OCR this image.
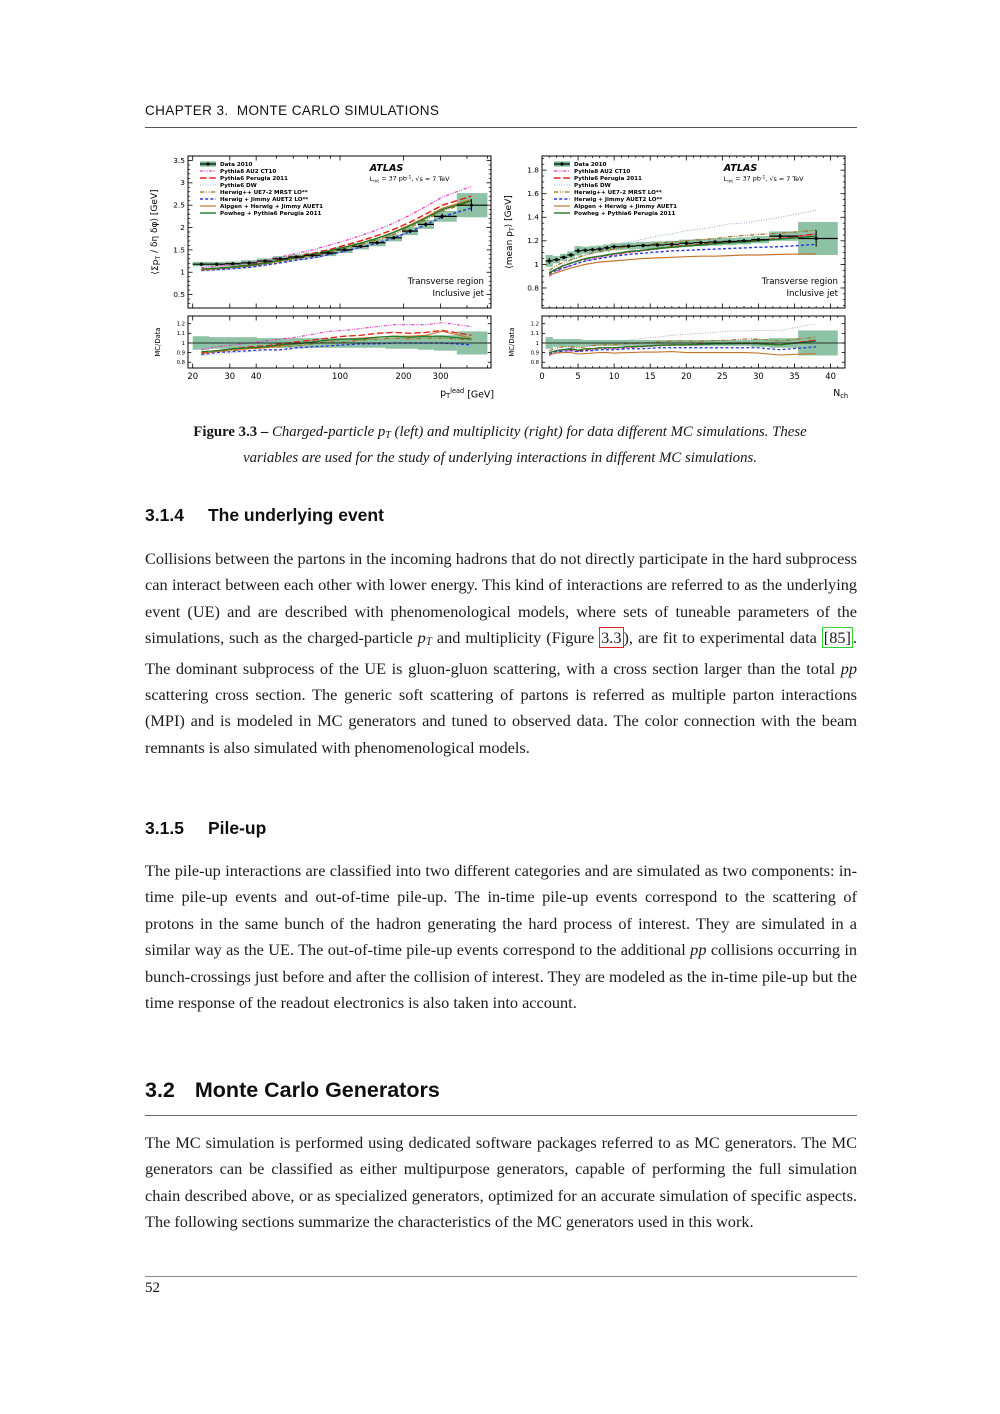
CHAPTER 3.  MONTE CARLO SIMULATIONS
0.5
1
1.5
2
2.5
3
3.5
0.8
0.9
1
1.1
1.2
20	30 40	100	200	300
$⟨\Sigma p_T$ / δη δφ⟩ [GeV]
MC/Data
$p_T^{lead}$ [GeV]
Data 2010
Pythia8 AU2 CT10
Pythia6 Perugia 2011
Pythia6 DW
Herwig++ UE7-2 MRST LO**
Herwig + Jimmy AUET2 LO**
Alpgen + Herwig + Jimmy AUET1
Powheg + Pythia6 Perugia 2011
ATLAS
$L_{int} = 37$ $pb^{-1}$, √s = 7 TeV
Transverse region
Inclusive jet
0.8
1
1.2
1.4
1.6
1.8
0.8
0.9
1
1.1
1.2
0	5	10	15	20	25	30	35	40
⟨mean $p_T⟩$ [GeV]
MC/Data
$N_{ch}$
Data 2010
Pythia8 AU2 CT10
Pythia6 Perugia 2011
Pythia6 DW
Herwig++ UE7-2 MRST LO**
Herwig + Jimmy AUET2 LO**
Alpgen + Herwig + Jimmy AUET1
Powheg + Pythia6 Perugia 2011
ATLAS
$L_{int} = 37$ $pb^{-1}$, √s = 7 TeV
Transverse region
Inclusive jet
Figure 3.3 – Charged-particle pT (left) and multiplicity (right) for data different MC simulations. These variables are used for the study of underlying interactions in different MC simulations.
3.1.4 The underlying event

Collisions between the partons in the incoming hadrons that do not directly participate in the hard subprocess can interact between each other with lower energy. This kind of interactions are referred to as the underlying event (UE) and are described with phenomenological models, where sets of tuneable parameters of the simulations, such as the charged-particle pT and multiplicity (Figure 3.3 ), are fit to experimental data [85] . The dominant subprocess of the UE is gluon-gluon scattering, with a cross section larger than the total pp scattering cross section. The generic soft scattering of partons is referred as multiple parton interactions (MPI) and is modeled in MC generators and tuned to observed data. The color connection with the beam remnants is also simulated with phenomenological models.

3.1.5 Pile-up

The pile-up interactions are classified into two different categories and are simulated as two components: in-time pile-up events and out-of-time pile-up. The in-time pile-up events correspond to the scattering of protons in the same bunch of the hadron generating the hard process of interest. They are simulated in a similar way as the UE. The out-of-time pile-up events correspond to the additional pp collisions occurring in bunch-crossings just before and after the collision of interest. They are modeled as the in-time pile-up but the time response of the readout electronics is also taken into account.

3.2 Monte Carlo Generators

The MC simulation is performed using dedicated software packages referred to as MC generators. The MC generators can be classified as either multipurpose generators, capable of performing the full simulation chain described above, or as specialized generators, optimized for an accurate simulation of specific aspects. The following sections summarize the characteristics of the MC generators used in this work.

52
